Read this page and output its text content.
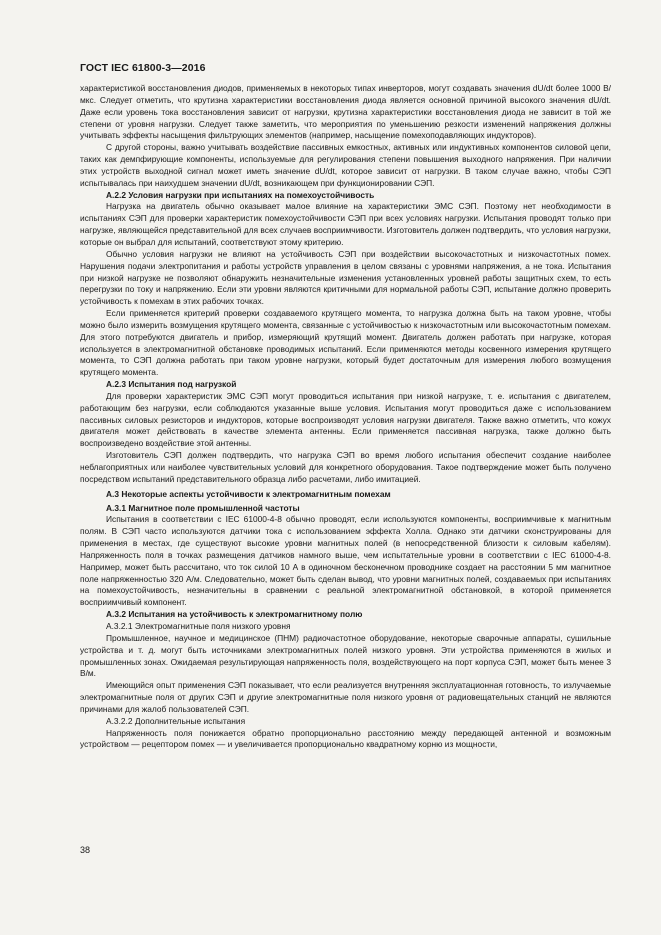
ГОСТ IEC 61800-3—2016

характеристикой восстановления диодов, применяемых в некоторых типах инверторов, могут создавать значения dU/dt более 1000 В/мкс. Следует отметить, что крутизна характеристики восстановления диода является основной причиной высокого значения dU/dt. Даже если уровень тока восстановления зависит от нагрузки, крутизна характеристики восстановления диода не зависит в той же степени от уровня нагрузки. Следует также заметить, что мероприятия по уменьшению резкости изменений напряжения должны учитывать эффекты насыщения фильтрующих элементов (например, насыщение помехоподавляющих индукторов).

С другой стороны, важно учитывать воздействие пассивных емкостных, активных или индуктивных компонентов силовой цепи, таких как демпфирующие компоненты, используемые для регулирования степени повышения выходного напряжения. При наличии этих устройств выходной сигнал может иметь значение dU/dt, которое зависит от нагрузки. В таком случае важно, чтобы СЭП испытывалась при наихудшем значении dU/dt, возникающем при функционировании СЭП.

А.2.2 Условия нагрузки при испытаниях на помехоустойчивость

Нагрузка на двигатель обычно оказывает малое влияние на характеристики ЭМС СЭП. Поэтому нет необходимости в испытаниях СЭП для проверки характеристик помехоустойчивости СЭП при всех условиях нагрузки. Испытания проводят только при нагрузке, являющейся представительной для всех случаев восприимчивости. Изготовитель должен подтвердить, что условия нагрузки, которые он выбрал для испытаний, соответствуют этому критерию.

Обычно условия нагрузки не влияют на устойчивость СЭП при воздействии высокочастотных и низкочастотных помех. Нарушения подачи электропитания и работы устройств управления в целом связаны с уровнями напряжения, а не тока. Испытания при низкой нагрузке не позволяют обнаружить незначительные изменения установленных уровней работы защитных схем, то есть перегрузки по току и напряжению. Если эти уровни являются критичными для нормальной работы СЭП, испытание должно проверить устойчивость к помехам в этих рабочих точках.

Если применяется критерий проверки создаваемого крутящего момента, то нагрузка должна быть на таком уровне, чтобы можно было измерить возмущения крутящего момента, связанные с устойчивостью к низкочастотным или высокочастотным помехам. Для этого потребуются двигатель и прибор, измеряющий крутящий момент. Двигатель должен работать при нагрузке, которая используется в электромагнитной обстановке проводимых испытаний. Если применяются методы косвенного измерения крутящего момента, то СЭП должна работать при таком уровне нагрузки, который будет достаточным для измерения любого возмущения крутящего момента.

А.2.3 Испытания под нагрузкой

Для проверки характеристик ЭМС СЭП могут проводиться испытания при низкой нагрузке, т. е. испытания с двигателем, работающим без нагрузки, если соблюдаются указанные выше условия. Испытания могут проводиться даже с использованием пассивных силовых резисторов и индукторов, которые воспроизводят условия нагрузки двигателя. Также важно отметить, что кожух двигателя может действовать в качестве элемента антенны. Если применяется пассивная нагрузка, также должно быть воспроизведено воздействие этой антенны.

Изготовитель СЭП должен подтвердить, что нагрузка СЭП во время любого испытания обеспечит создание наиболее неблагоприятных или наиболее чувствительных условий для конкретного оборудования. Такое подтверждение может быть получено посредством испытаний представительного образца либо расчетами, либо имитацией.

А.3 Некоторые аспекты устойчивости к электромагнитным помехам
А.3.1 Магнитное поле промышленной частоты

Испытания в соответствии с IEC 61000-4-8 обычно проводят, если используются компоненты, восприимчивые к магнитным полям. В СЭП часто используются датчики тока с использованием эффекта Холла. Однако эти датчики сконструированы для применения в местах, где существуют высокие уровни магнитных полей (в непосредственной близости к силовым кабелям). Напряженность поля в точках размещения датчиков намного выше, чем испытательные уровни в соответствии с IEC 61000-4-8. Например, может быть рассчитано, что ток силой 10 А в одиночном бесконечном проводнике создает на расстоянии 5 мм магнитное поле напряженностью 320 А/м. Следовательно, может быть сделан вывод, что уровни магнитных полей, создаваемых при испытаниях на помехоустойчивость, незначительны в сравнении с реальной электромагнитной обстановкой, в которой применяется восприимчивый компонент.

А.3.2 Испытания на устойчивость к электромагнитному полю
А.3.2.1 Электромагнитные поля низкого уровня

Промышленное, научное и медицинское (ПНМ) радиочастотное оборудование, некоторые сварочные аппараты, сушильные устройства и т. д. могут быть источниками электромагнитных полей низкого уровня. Эти устройства применяются в жилых и промышленных зонах. Ожидаемая результирующая напряженность поля, воздействующего на порт корпуса СЭП, может быть менее 3 В/м.

Имеющийся опыт применения СЭП показывает, что если реализуется внутренняя эксплуатационная готовность, то излучаемые электромагнитные поля от других СЭП и другие электромагнитные поля низкого уровня от радиовещательных станций не являются причинами для жалоб пользователей СЭП.

А.3.2.2 Дополнительные испытания

Напряженность поля понижается обратно пропорционально расстоянию между передающей антенной и возможным устройством — рецептором помех — и увеличивается пропорционально квадратному корню из мощности,

38
